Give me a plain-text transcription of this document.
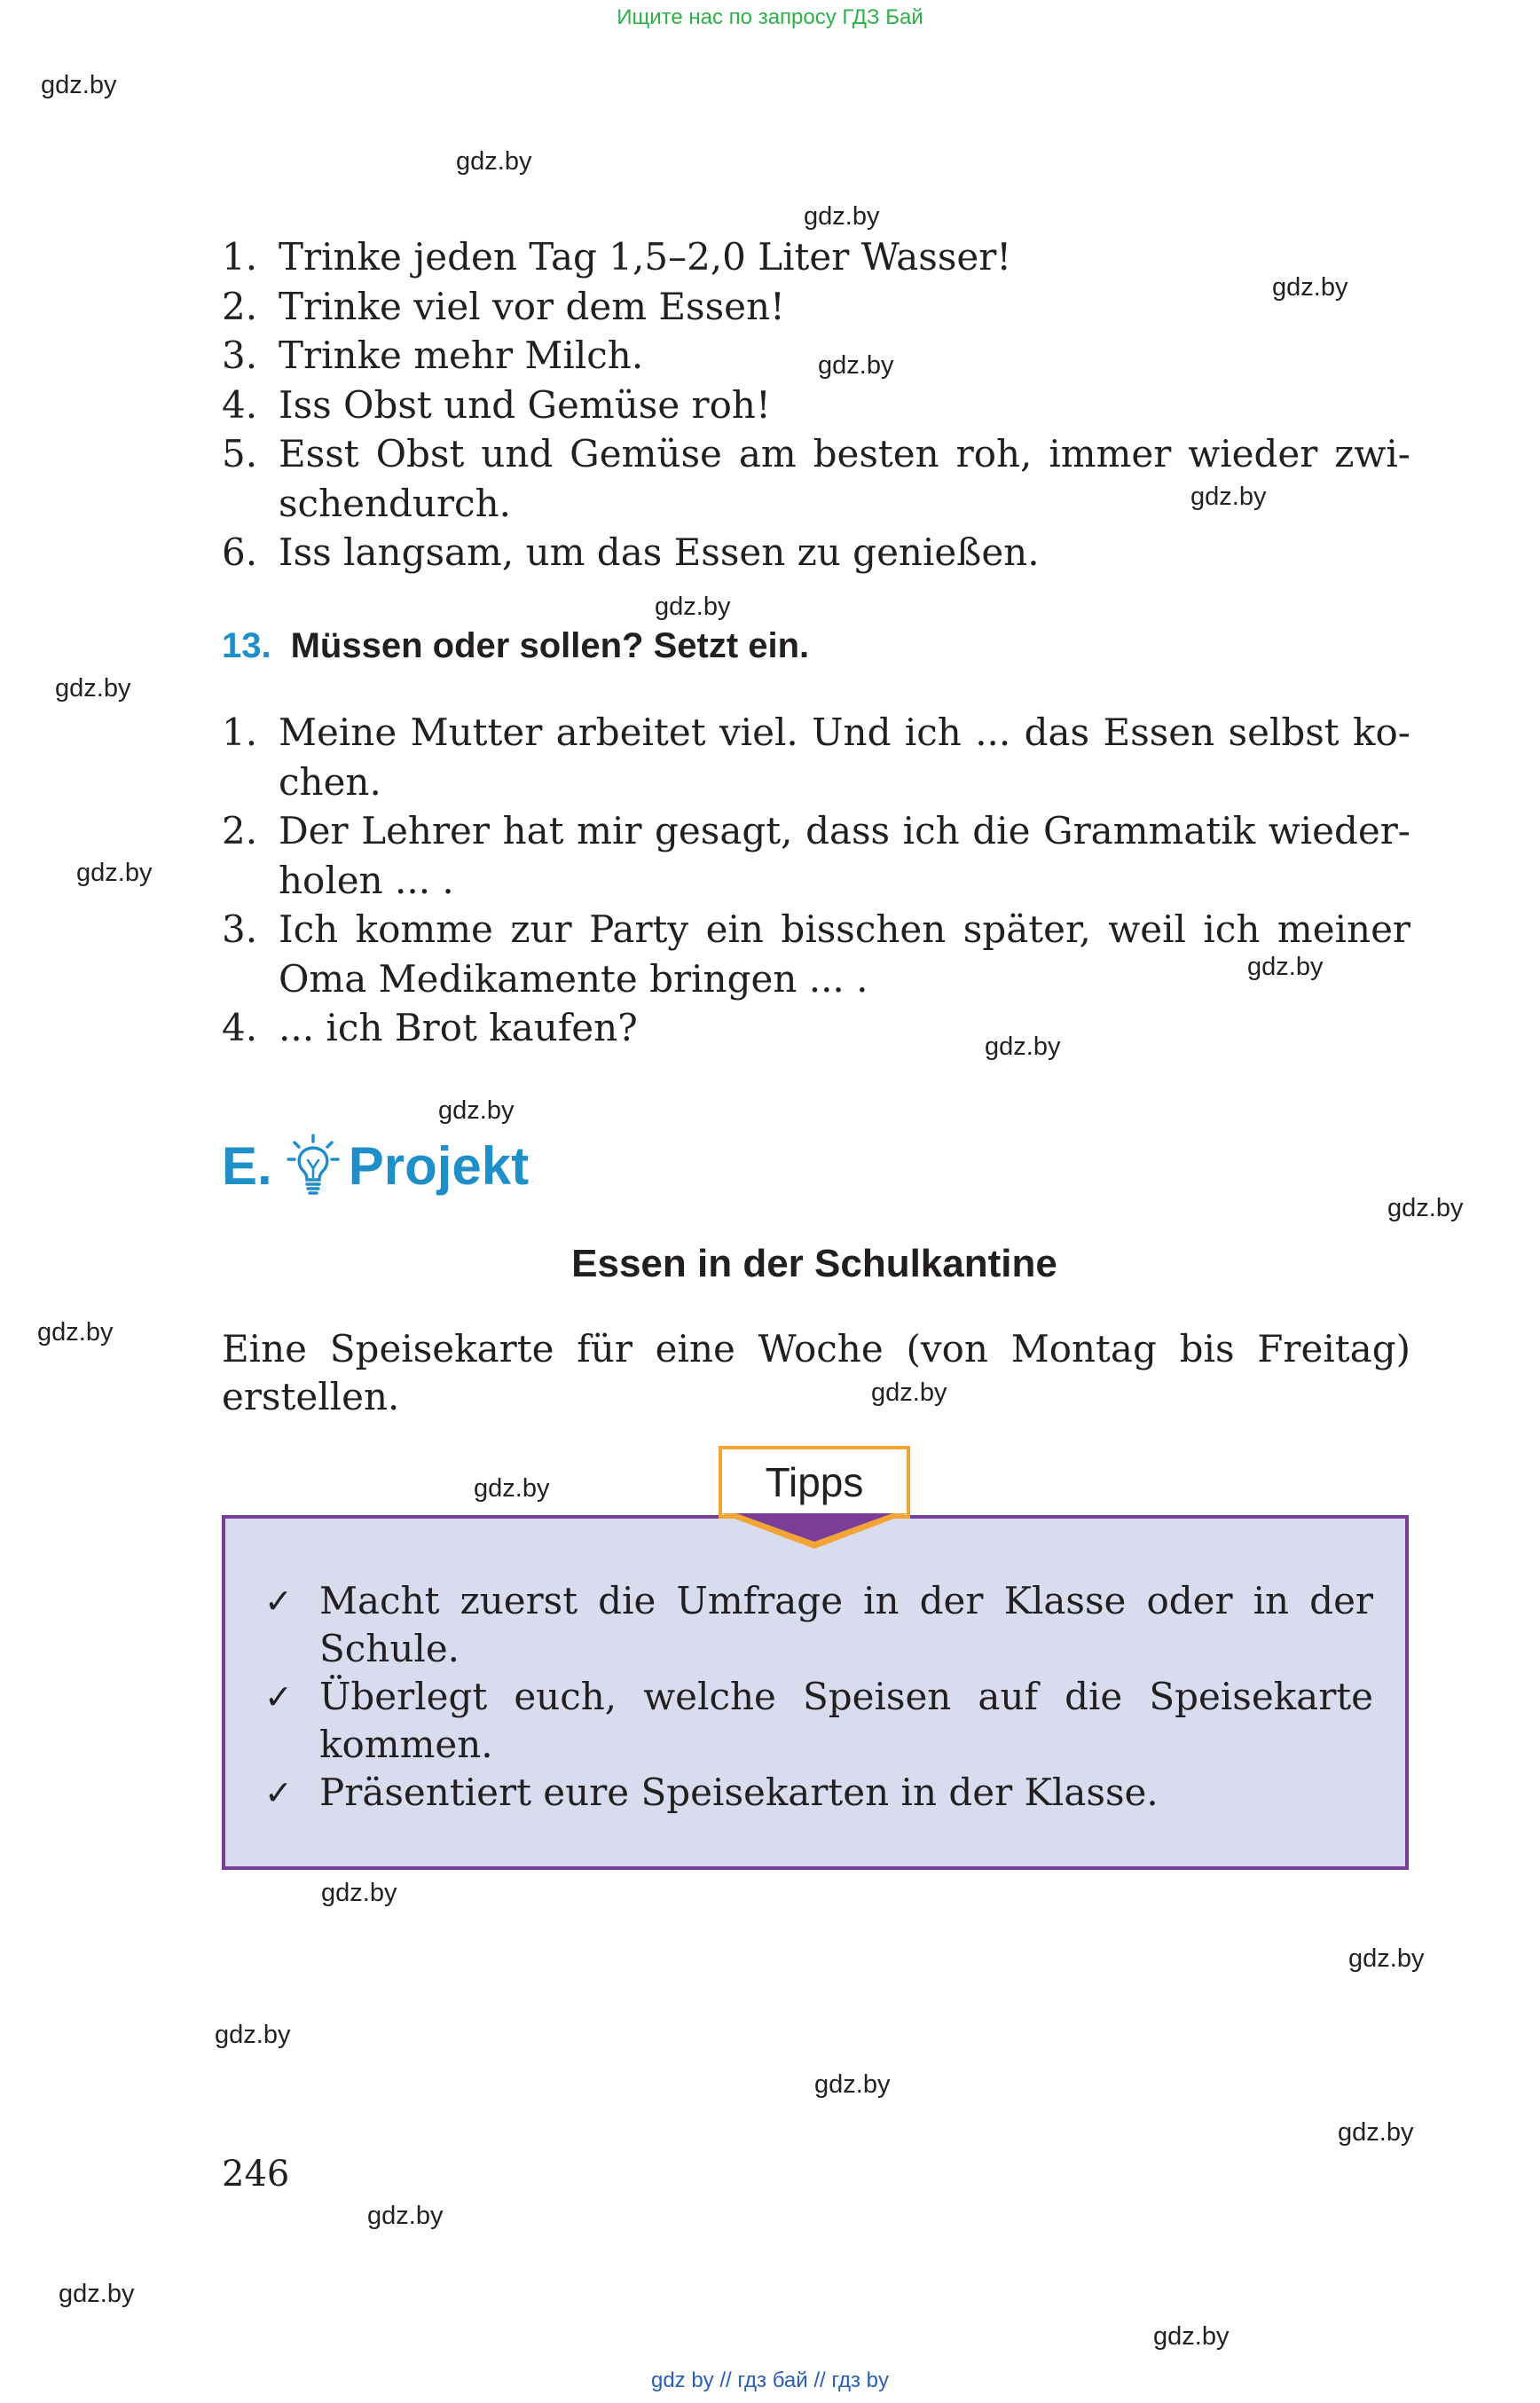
Ищите нас по запросу ГДЗ Бай
gdz.by
gdz.by
gdz.by
gdz.by
gdz.by
gdz.by
gdz.by
gdz.by
gdz.by
gdz.by
gdz.by
gdz.by
gdz.by
gdz.by
gdz.by
gdz.by
gdz.by
gdz.by
gdz.by
gdz.by
gdz.by
gdz.by
gdz.by
gdz.by
1. Trinke jeden Tag 1,5–2,0 Liter Wasser!
2. Trinke viel vor dem Essen!
3. Trinke mehr Milch.
4. Iss Obst und Gemüse roh!
5. Esst Obst und Gemüse am besten roh, immer wieder zwischendurch.
6. Iss langsam, um das Essen zu genießen.
13. Müssen oder sollen? Setzt ein.
1. Meine Mutter arbeitet viel. Und ich ... das Essen selbst kochen.
2. Der Lehrer hat mir gesagt, dass ich die Grammatik wiederholen ... .
3. Ich komme zur Party ein bisschen später, weil ich meiner Oma Medikamente bringen ... .
4. ... ich Brot kaufen?
E. Projekt
Essen in der Schulkantine
Eine Speisekarte für eine Woche (von Montag bis Freitag) erstellen.
Tipps
✓ Macht zuerst die Umfrage in der Klasse oder in der Schule.
✓ Überlegt euch, welche Speisen auf die Speisekarte kommen.
✓ Präsentiert eure Speisekarten in der Klasse.
246
gdz by // гдз бай // гдз by
